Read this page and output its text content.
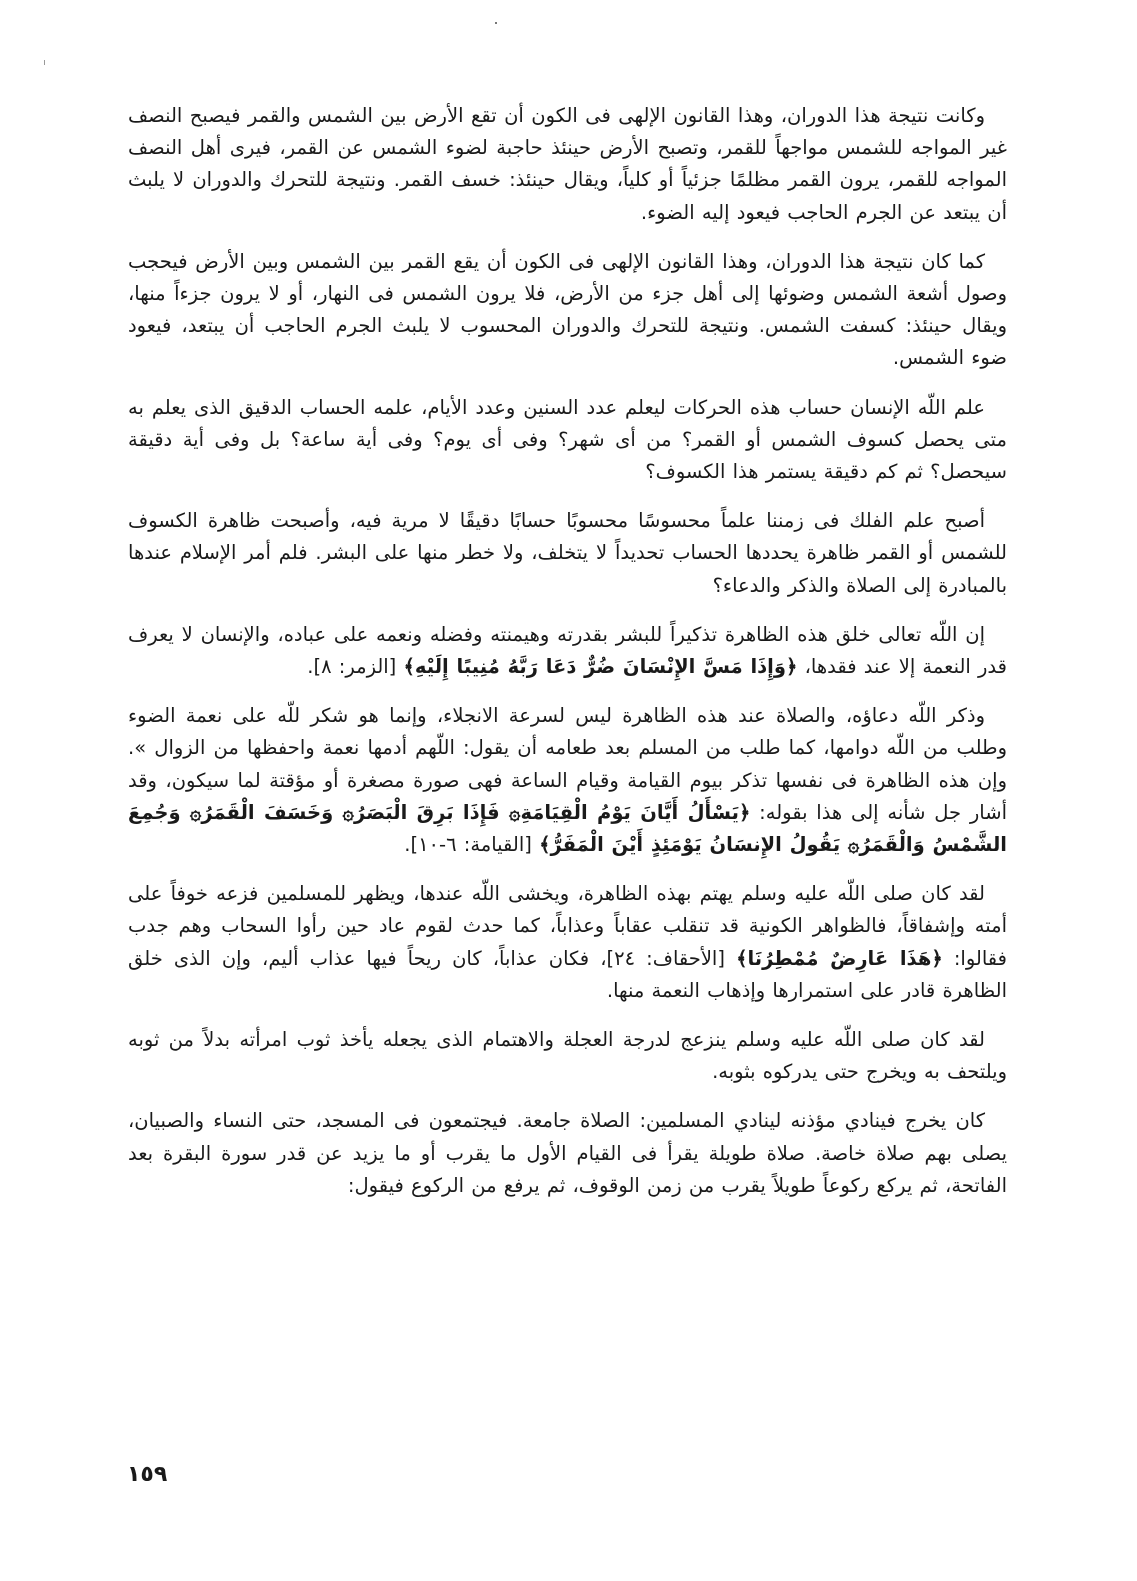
وكانت نتيجة هذا الدوران، وهذا القانون الإلهى فى الكون أن تقع الأرض بين الشمس والقمر فيصبح النصف غير المواجه للشمس مواجهاً للقمر، وتصبح الأرض حينئذ حاجبة لضوء الشمس عن القمر، فيرى أهل النصف المواجه للقمر، يرون القمر مظلمًا جزئياً أو كلياً، ويقال حينئذ: خسف القمر. ونتيجة للتحرك والدوران لا يلبث أن يبتعد عن الجرم الحاجب فيعود إليه الضوء.

كما كان نتيجة هذا الدوران، وهذا القانون الإلهى فى الكون أن يقع القمر بين الشمس وبين الأرض فيحجب وصول أشعة الشمس وضوئها إلى أهل جزء من الأرض، فلا يرون الشمس فى النهار، أو لا يرون جزءاً منها، ويقال حينئذ: كسفت الشمس. ونتيجة للتحرك والدوران المحسوب لا يلبث الجرم الحاجب أن يبتعد، فيعود ضوء الشمس.

علم اللّه الإنسان حساب هذه الحركات ليعلم عدد السنين وعدد الأيام، علمه الحساب الدقيق الذى يعلم به متى يحصل كسوف الشمس أو القمر؟ من أى شهر؟ وفى أى يوم؟ وفى أية ساعة؟ بل وفى أية دقيقة سيحصل؟ ثم كم دقيقة يستمر هذا الكسوف؟

أصبح علم الفلك فى زمننا علماً محسوسًا محسوبًا حسابًا دقيقًا لا مرية فيه، وأصبحت ظاهرة الكسوف للشمس أو القمر ظاهرة يحددها الحساب تحديداً لا يتخلف، ولا خطر منها على البشر. فلم أمر الإسلام عندها بالمبادرة إلى الصلاة والذكر والدعاء؟

إن اللّه تعالى خلق هذه الظاهرة تذكيراً للبشر بقدرته وهيمنته وفضله ونعمه على عباده، والإنسان لا يعرف قدر النعمة إلا عند فقدها، ﴿وَإِذَا مَسَّ الإِنْسَانَ ضُرٌّ دَعَا رَبَّهُ مُنِيبًا إِلَيْهِ﴾ [الزمر: ٨].

وذكر اللّه دعاؤه، والصلاة عند هذه الظاهرة ليس لسرعة الانجلاء، وإنما هو شكر للّه على نعمة الضوء وطلب من اللّه دوامها، كما طلب من المسلم بعد طعامه أن يقول: اللّهم أدمها نعمة واحفظها من الزوال ». وإن هذه الظاهرة فى نفسها تذكر بيوم القيامة وقيام الساعة فهى صورة مصغرة أو مؤقتة لما سيكون، وقد أشار جل شأنه إلى هذا بقوله: ﴿يَسْأَلُ أَيَّانَ يَوْمُ الْقِيَامَةِ۞ فَإِذَا بَرِقَ الْبَصَرُ۞ وَخَسَفَ الْقَمَرُ۞ وَجُمِعَ الشَّمْسُ وَالْقَمَرُ۞ يَقُولُ الإِنسَانُ يَوْمَئِذٍ أَيْنَ الْمَفَرُّ﴾ [القيامة: ٦-١٠].

لقد كان صلى اللّه عليه وسلم يهتم بهذه الظاهرة، ويخشى اللّه عندها، ويظهر للمسلمين فزعه خوفاً على أمته وإشفاقاً، فالظواهر الكونية قد تنقلب عقاباً وعذاباً، كما حدث لقوم عاد حين رأوا السحاب وهم جدب فقالوا: ﴿هَذَا عَارِضٌ مُمْطِرُنَا﴾ [الأحقاف: ٢٤]، فكان عذاباً، كان ريحاً فيها عذاب أليم، وإن الذى خلق الظاهرة قادر على استمرارها وإذهاب النعمة منها.

لقد كان صلى اللّه عليه وسلم ينزعج لدرجة العجلة والاهتمام الذى يجعله يأخذ ثوب امرأته بدلاً من ثوبه ويلتحف به ويخرج حتى يدركوه بثوبه.

كان يخرج فينادي مؤذنه لينادي المسلمين: الصلاة جامعة. فيجتمعون فى المسجد، حتى النساء والصبيان، يصلى بهم صلاة خاصة. صلاة طويلة يقرأ فى القيام الأول ما يقرب أو ما يزيد عن قدر سورة البقرة بعد الفاتحة، ثم يركع ركوعاً طويلاً يقرب من زمن الوقوف، ثم يرفع من الركوع فيقول:

١٥٩
